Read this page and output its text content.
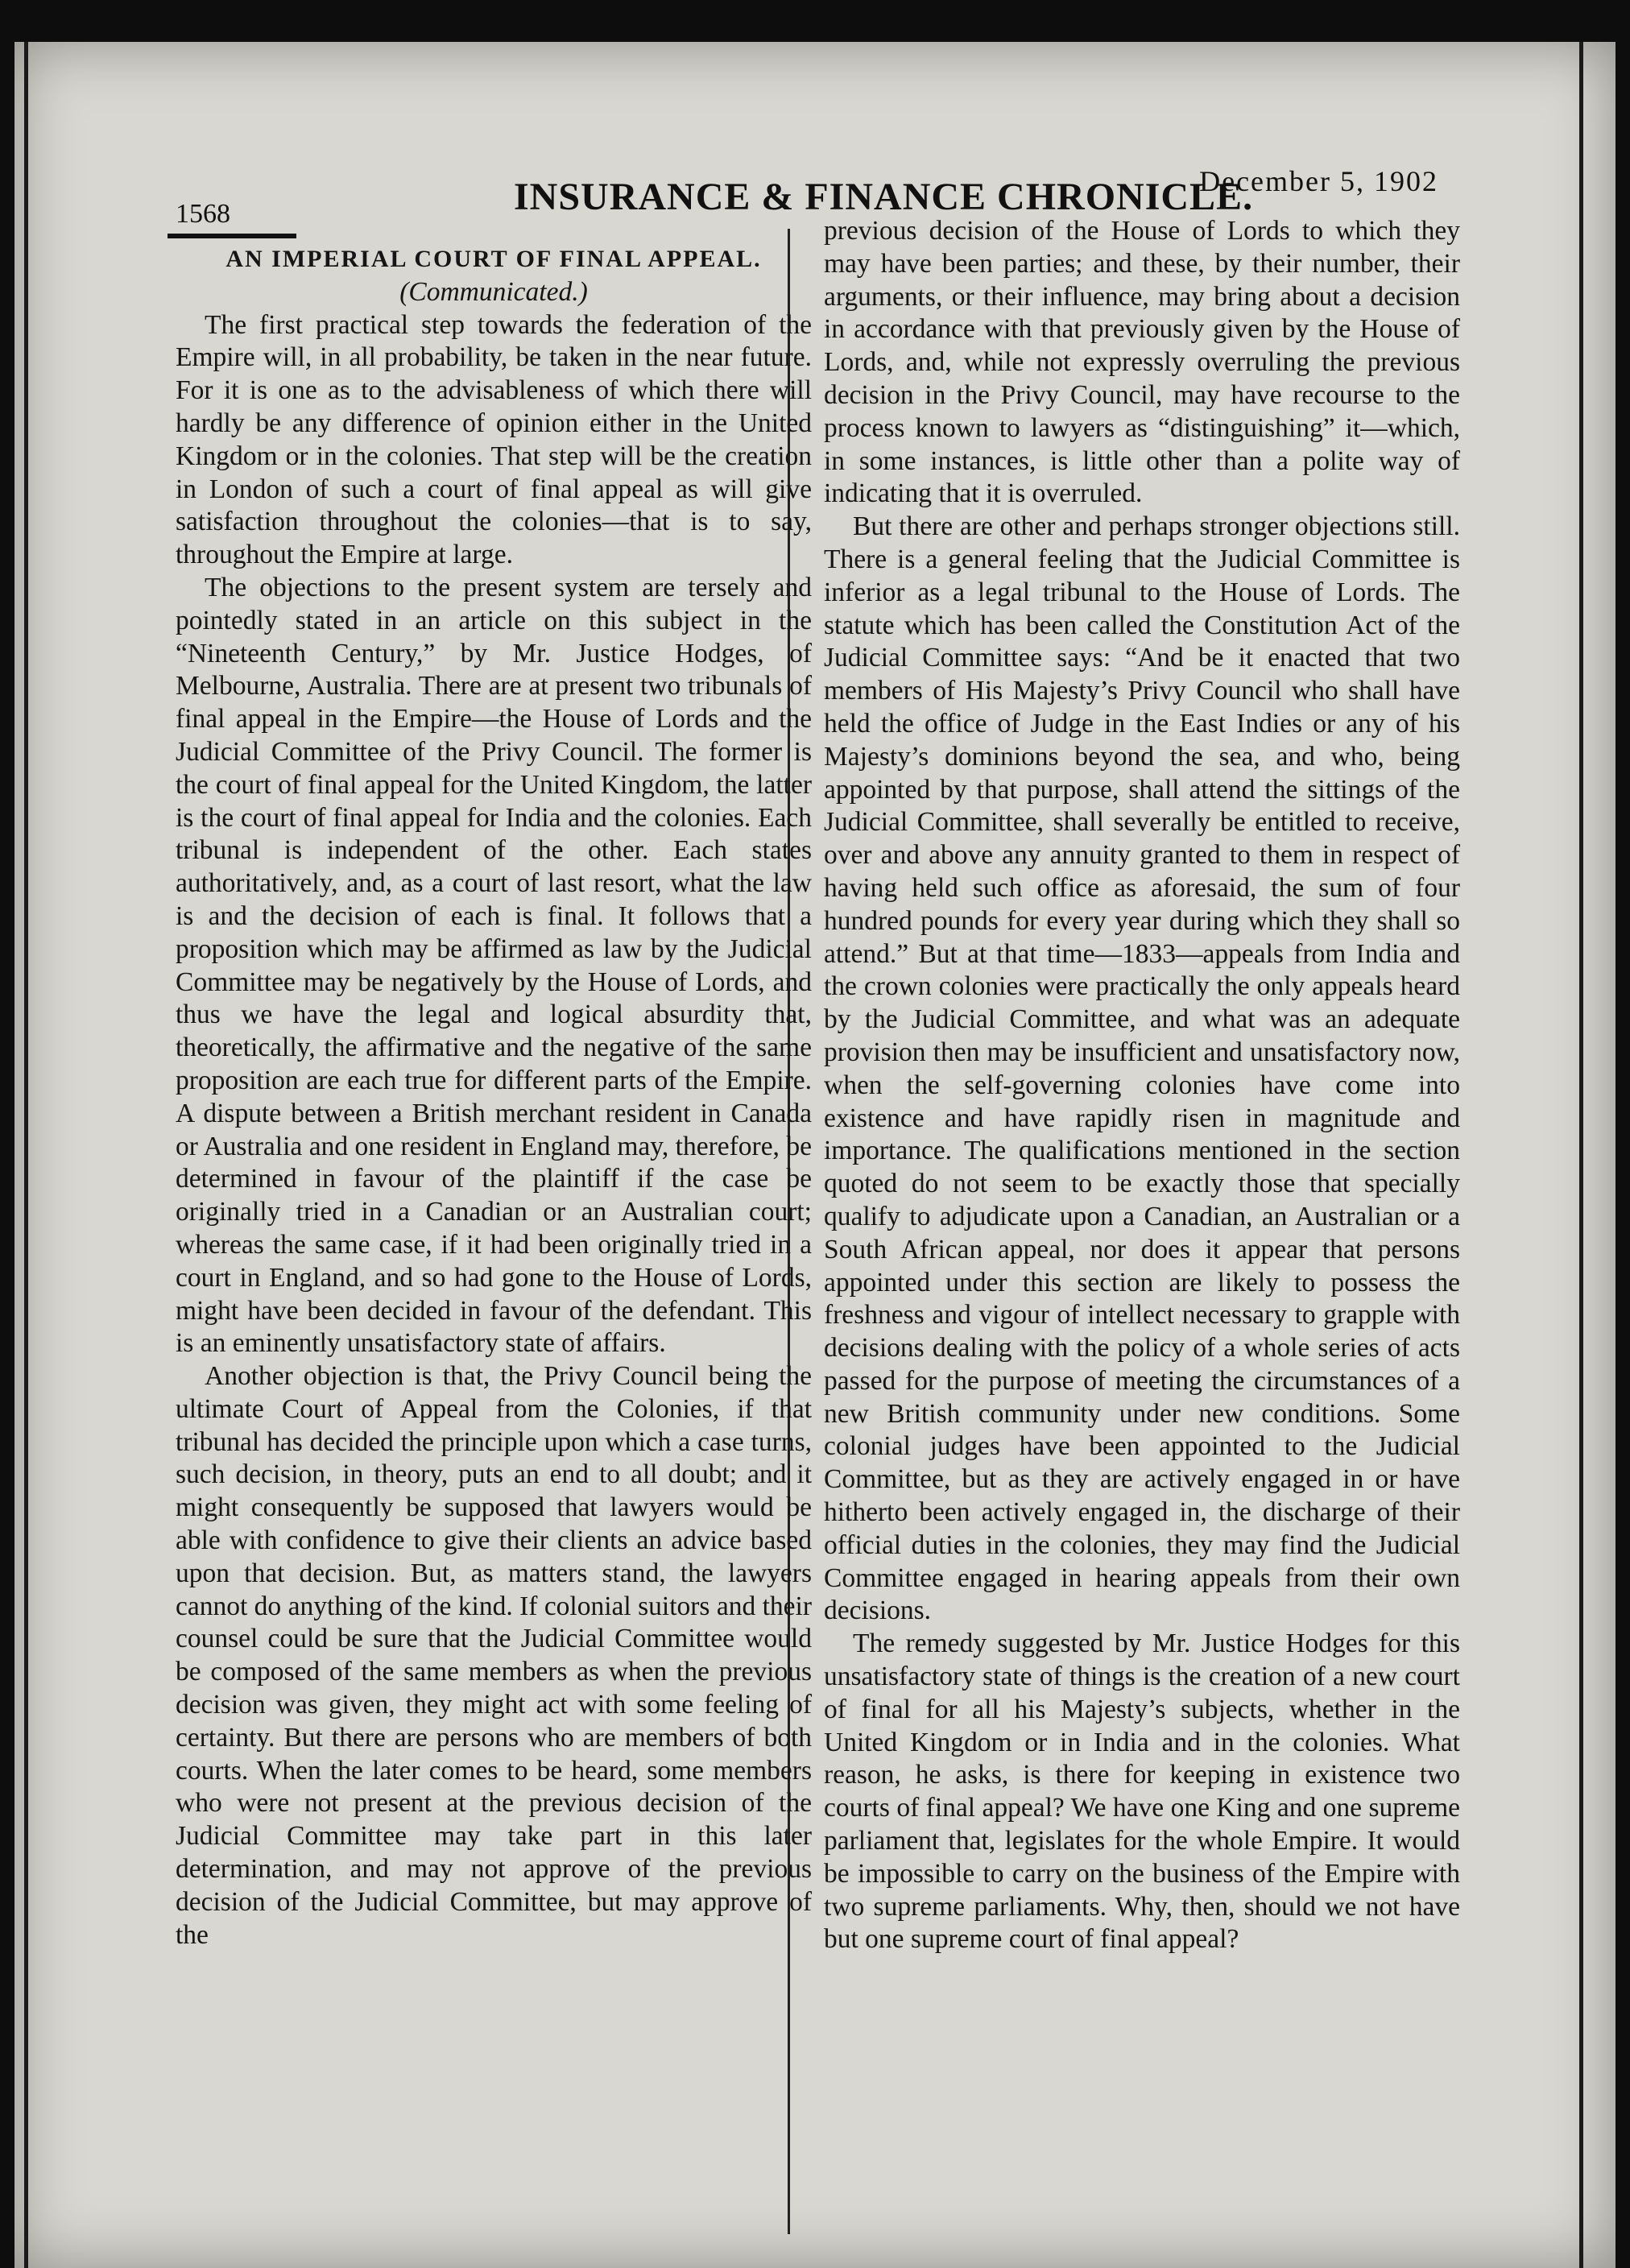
1568	INSURANCE & FINANCE CHRONICLE.
December 5, 1902

AN IMPERIAL COURT OF FINAL APPEAL.

(Communicated.)

The first practical step towards the federation of the Empire will, in all probability, be taken in the near future. For it is one as to the advisableness of which there will hardly be any difference of opinion either in the United Kingdom or in the colonies. That step will be the creation in London of such a court of final appeal as will give satisfaction throughout the colonies—that is to say, throughout the Empire at large.

The objections to the present system are tersely and pointedly stated in an article on this subject in the “Nineteenth Century,” by Mr. Justice Hodges, of Melbourne, Australia. There are at present two tribunals of final appeal in the Empire—the House of Lords and the Judicial Committee of the Privy Council. The former is the court of final appeal for the United Kingdom, the latter is the court of final appeal for India and the colonies. Each tribunal is independent of the other. Each states authoritatively, and, as a court of last resort, what the law is and the decision of each is final. It follows that a proposition which may be affirmed as law by the Judicial Committee may be negatively by the House of Lords, and thus we have the legal and logical absurdity that, theoretically, the affirmative and the negative of the same proposition are each true for different parts of the Empire. A dispute between a British merchant resident in Canada or Australia and one resident in England may, therefore, be determined in favour of the plaintiff if the case be originally tried in a Canadian or an Australian court; whereas the same case, if it had been originally tried in a court in England, and so had gone to the House of Lords, might have been decided in favour of the defendant. This is an eminently unsatisfactory state of affairs.

Another objection is that, the Privy Council being the ultimate Court of Appeal from the Colonies, if that tribunal has decided the principle upon which a case turns, such decision, in theory, puts an end to all doubt; and it might consequently be supposed that lawyers would be able with confidence to give their clients an advice based upon that decision. But, as matters stand, the lawyers cannot do anything of the kind. If colonial suitors and their counsel could be sure that the Judicial Committee would be composed of the same members as when the previous decision was given, they might act with some feeling of certainty. But there are persons who are members of both courts. When the later comes to be heard, some members who were not present at the previous decision of the Judicial Committee may take part in this later determination, and may not approve of the previous decision of the Judicial Committee, but may approve of the

previous decision of the House of Lords to which they may have been parties; and these, by their number, their arguments, or their influence, may bring about a decision in accordance with that previously given by the House of Lords, and, while not expressly overruling the previous decision in the Privy Council, may have recourse to the process known to lawyers as “distinguishing” it—which, in some instances, is little other than a polite way of indicating that it is overruled.

But there are other and perhaps stronger objections still. There is a general feeling that the Judicial Committee is inferior as a legal tribunal to the House of Lords. The statute which has been called the Constitution Act of the Judicial Committee says: “And be it enacted that two members of His Majesty’s Privy Council who shall have held the office of Judge in the East Indies or any of his Majesty’s dominions beyond the sea, and who, being appointed by that purpose, shall attend the sittings of the Judicial Committee, shall severally be entitled to receive, over and above any annuity granted to them in respect of having held such office as aforesaid, the sum of four hundred pounds for every year during which they shall so attend.” But at that time—1833—appeals from India and the crown colonies were practically the only appeals heard by the Judicial Committee, and what was an adequate provision then may be insufficient and unsatisfactory now, when the self-governing colonies have come into existence and have rapidly risen in magnitude and importance. The qualifications mentioned in the section quoted do not seem to be exactly those that specially qualify to adjudicate upon a Canadian, an Australian or a South African appeal, nor does it appear that persons appointed under this section are likely to possess the freshness and vigour of intellect necessary to grapple with decisions dealing with the policy of a whole series of acts passed for the purpose of meeting the circumstances of a new British community under new conditions. Some colonial judges have been appointed to the Judicial Committee, but as they are actively engaged in or have hitherto been actively engaged in, the discharge of their official duties in the colonies, they may find the Judicial Committee engaged in hearing appeals from their own decisions.

The remedy suggested by Mr. Justice Hodges for this unsatisfactory state of things is the creation of a new court of final for all his Majesty’s subjects, whether in the United Kingdom or in India and in the colonies. What reason, he asks, is there for keeping in existence two courts of final appeal? We have one King and one supreme parliament that, legislates for the whole Empire. It would be impossible to carry on the business of the Empire with two supreme parliaments. Why, then, should we not have but one supreme court of final appeal?
